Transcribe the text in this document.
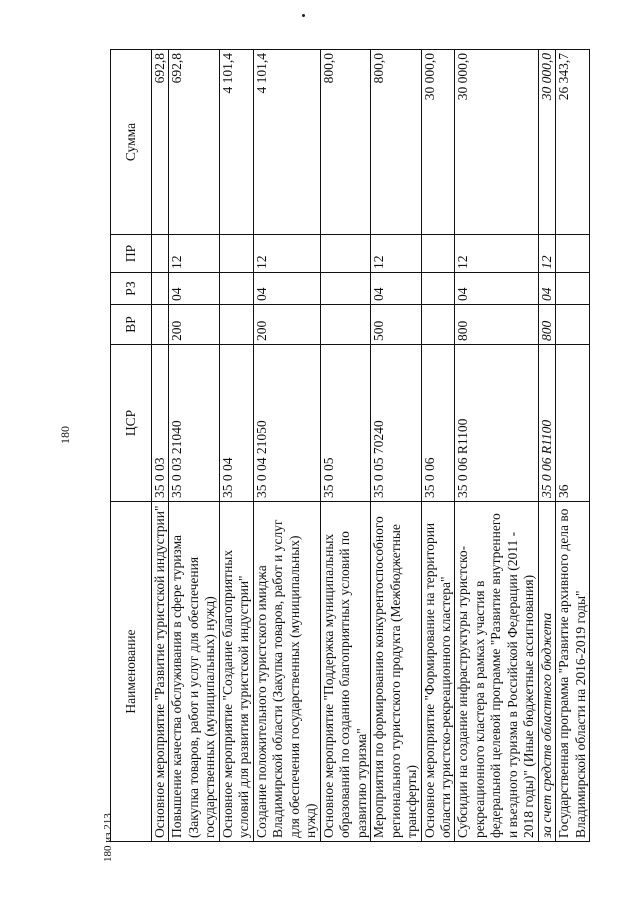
180
Наименование	ЦСР	ВР	РЗ	ПР	Сумма
Основное мероприятие "Развитие туристской индустрии"	35 0 03				692,8
Повышение качества обслуживания в сфере туризма (Закупка товаров, работ и услуг для обеспечения государственных (муниципальных) нужд)	35 0 03 21040	200	04	12	692,8
Основное мероприятие "Создание благоприятных условий для развития туристской индустрии"	35 0 04				4 101,4
Создание положительного туристского имиджа Владимирской области (Закупка товаров, работ и услуг для обеспечения государственных (муниципальных) нужд)	35 0 04 21050	200	04	12	4 101,4
Основное мероприятие "Поддержка муниципальных образований по созданию благоприятных условий по развитию туризма"	35 0 05				800,0
Мероприятия по формированию конкурентоспособного регионального туристского продукта (Межбюджетные трансферты)	35 0 05 70240	500	04	12	800,0
Основное мероприятие "Формирование на территории области туристско-рекреационного кластера"	35 0 06				30 000,0
Субсидии на создание инфраструктуры туристско-рекреационного кластера в рамках участия в федеральной целевой программе "Развитие внутреннего и въездного туризма в Российской Федерации (2011 - 2018 годы)" (Иные бюджетные ассигнования)	35 0 06 R1100	800	04	12	30 000,0
за счет средств областного бюджета	35 0 06 R1100	800	04	12	30 000,0
Государственная программа "Развитие архивного дела во Владимирской области на 2016-2019 годы"	36				26 343,7
180 из 213
